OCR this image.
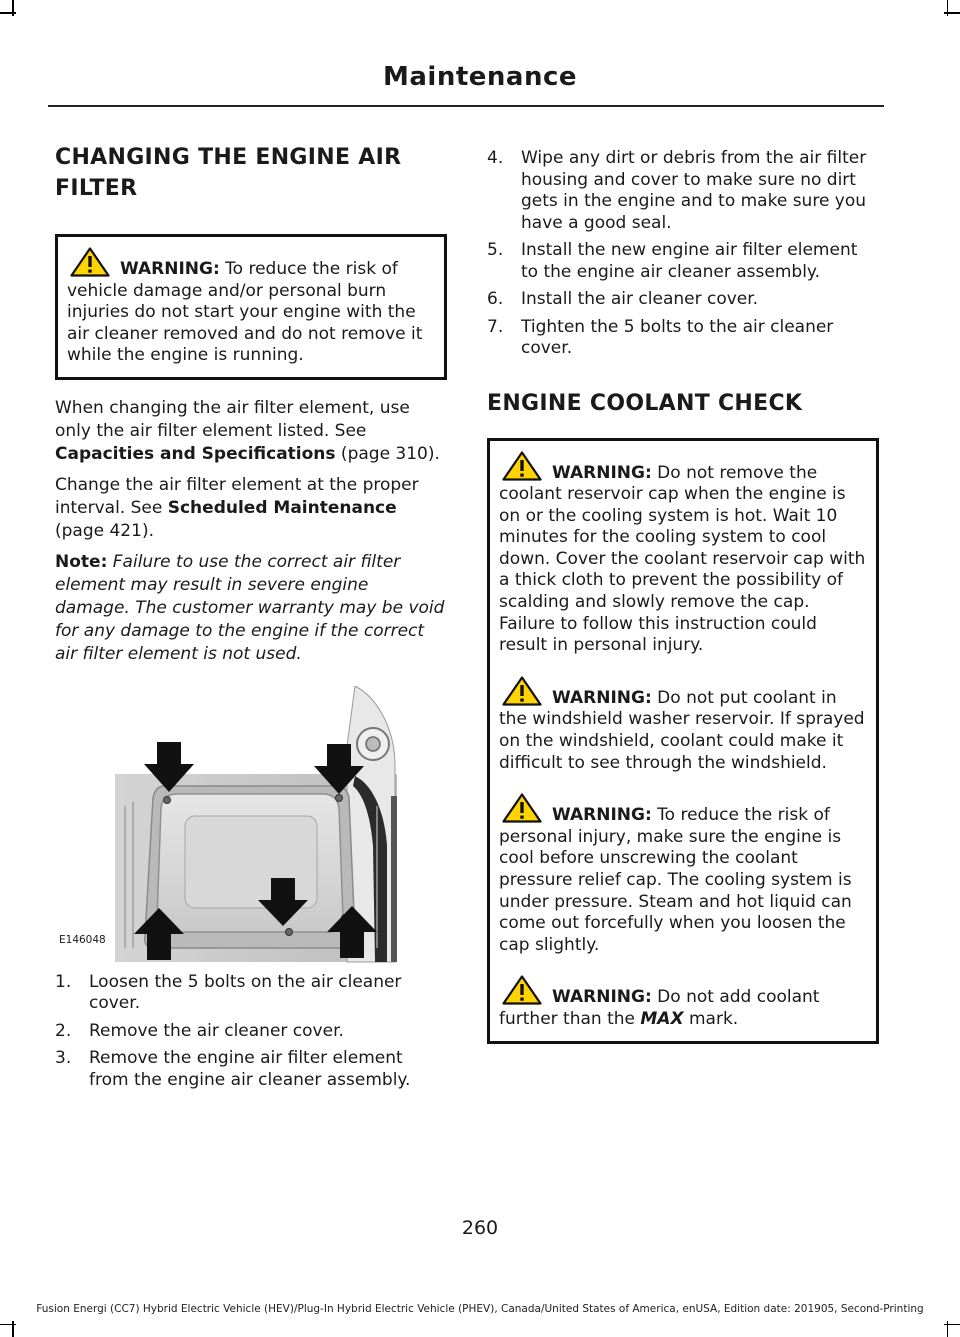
Maintenance
CHANGING THE ENGINE AIR
FILTER
WARNING: To reduce the risk of vehicle damage and/or personal burn injuries do not start your engine with the air cleaner removed and do not remove it while the engine is running.

When changing the air filter element, use only the air filter element listed. See Capacities and Specifications (page 310).

Change the air filter element at the proper interval. See Scheduled Maintenance (page 421).

Note: Failure to use the correct air filter element may result in severe engine damage. The customer warranty may be void for any damage to the engine if the correct air filter element is not used.

E146048
1. Loosen the 5 bolts on the air cleaner cover.
2. Remove the air cleaner cover.
3. Remove the engine air filter element from the engine air cleaner assembly.
4. Wipe any dirt or debris from the air filter housing and cover to make sure no dirt gets in the engine and to make sure you have a good seal.
5. Install the new engine air filter element to the engine air cleaner assembly.
6. Install the air cleaner cover.
7. Tighten the 5 bolts to the air cleaner cover.
ENGINE COOLANT CHECK
WARNING: Do not remove the coolant reservoir cap when the engine is on or the cooling system is hot. Wait 10 minutes for the cooling system to cool down. Cover the coolant reservoir cap with a thick cloth to prevent the possibility of scalding and slowly remove the cap. Failure to follow this instruction could result in personal injury.
WARNING: Do not put coolant in the windshield washer reservoir. If sprayed on the windshield, coolant could make it difficult to see through the windshield.
WARNING: To reduce the risk of personal injury, make sure the engine is cool before unscrewing the coolant pressure relief cap. The cooling system is under pressure. Steam and hot liquid can come out forcefully when you loosen the cap slightly.
WARNING: Do not add coolant further than the MAX mark.
260
Fusion Energi (CC7) Hybrid Electric Vehicle (HEV)/Plug-In Hybrid Electric Vehicle (PHEV), Canada/United States of America, enUSA, Edition date: 201905, Second-Printing
